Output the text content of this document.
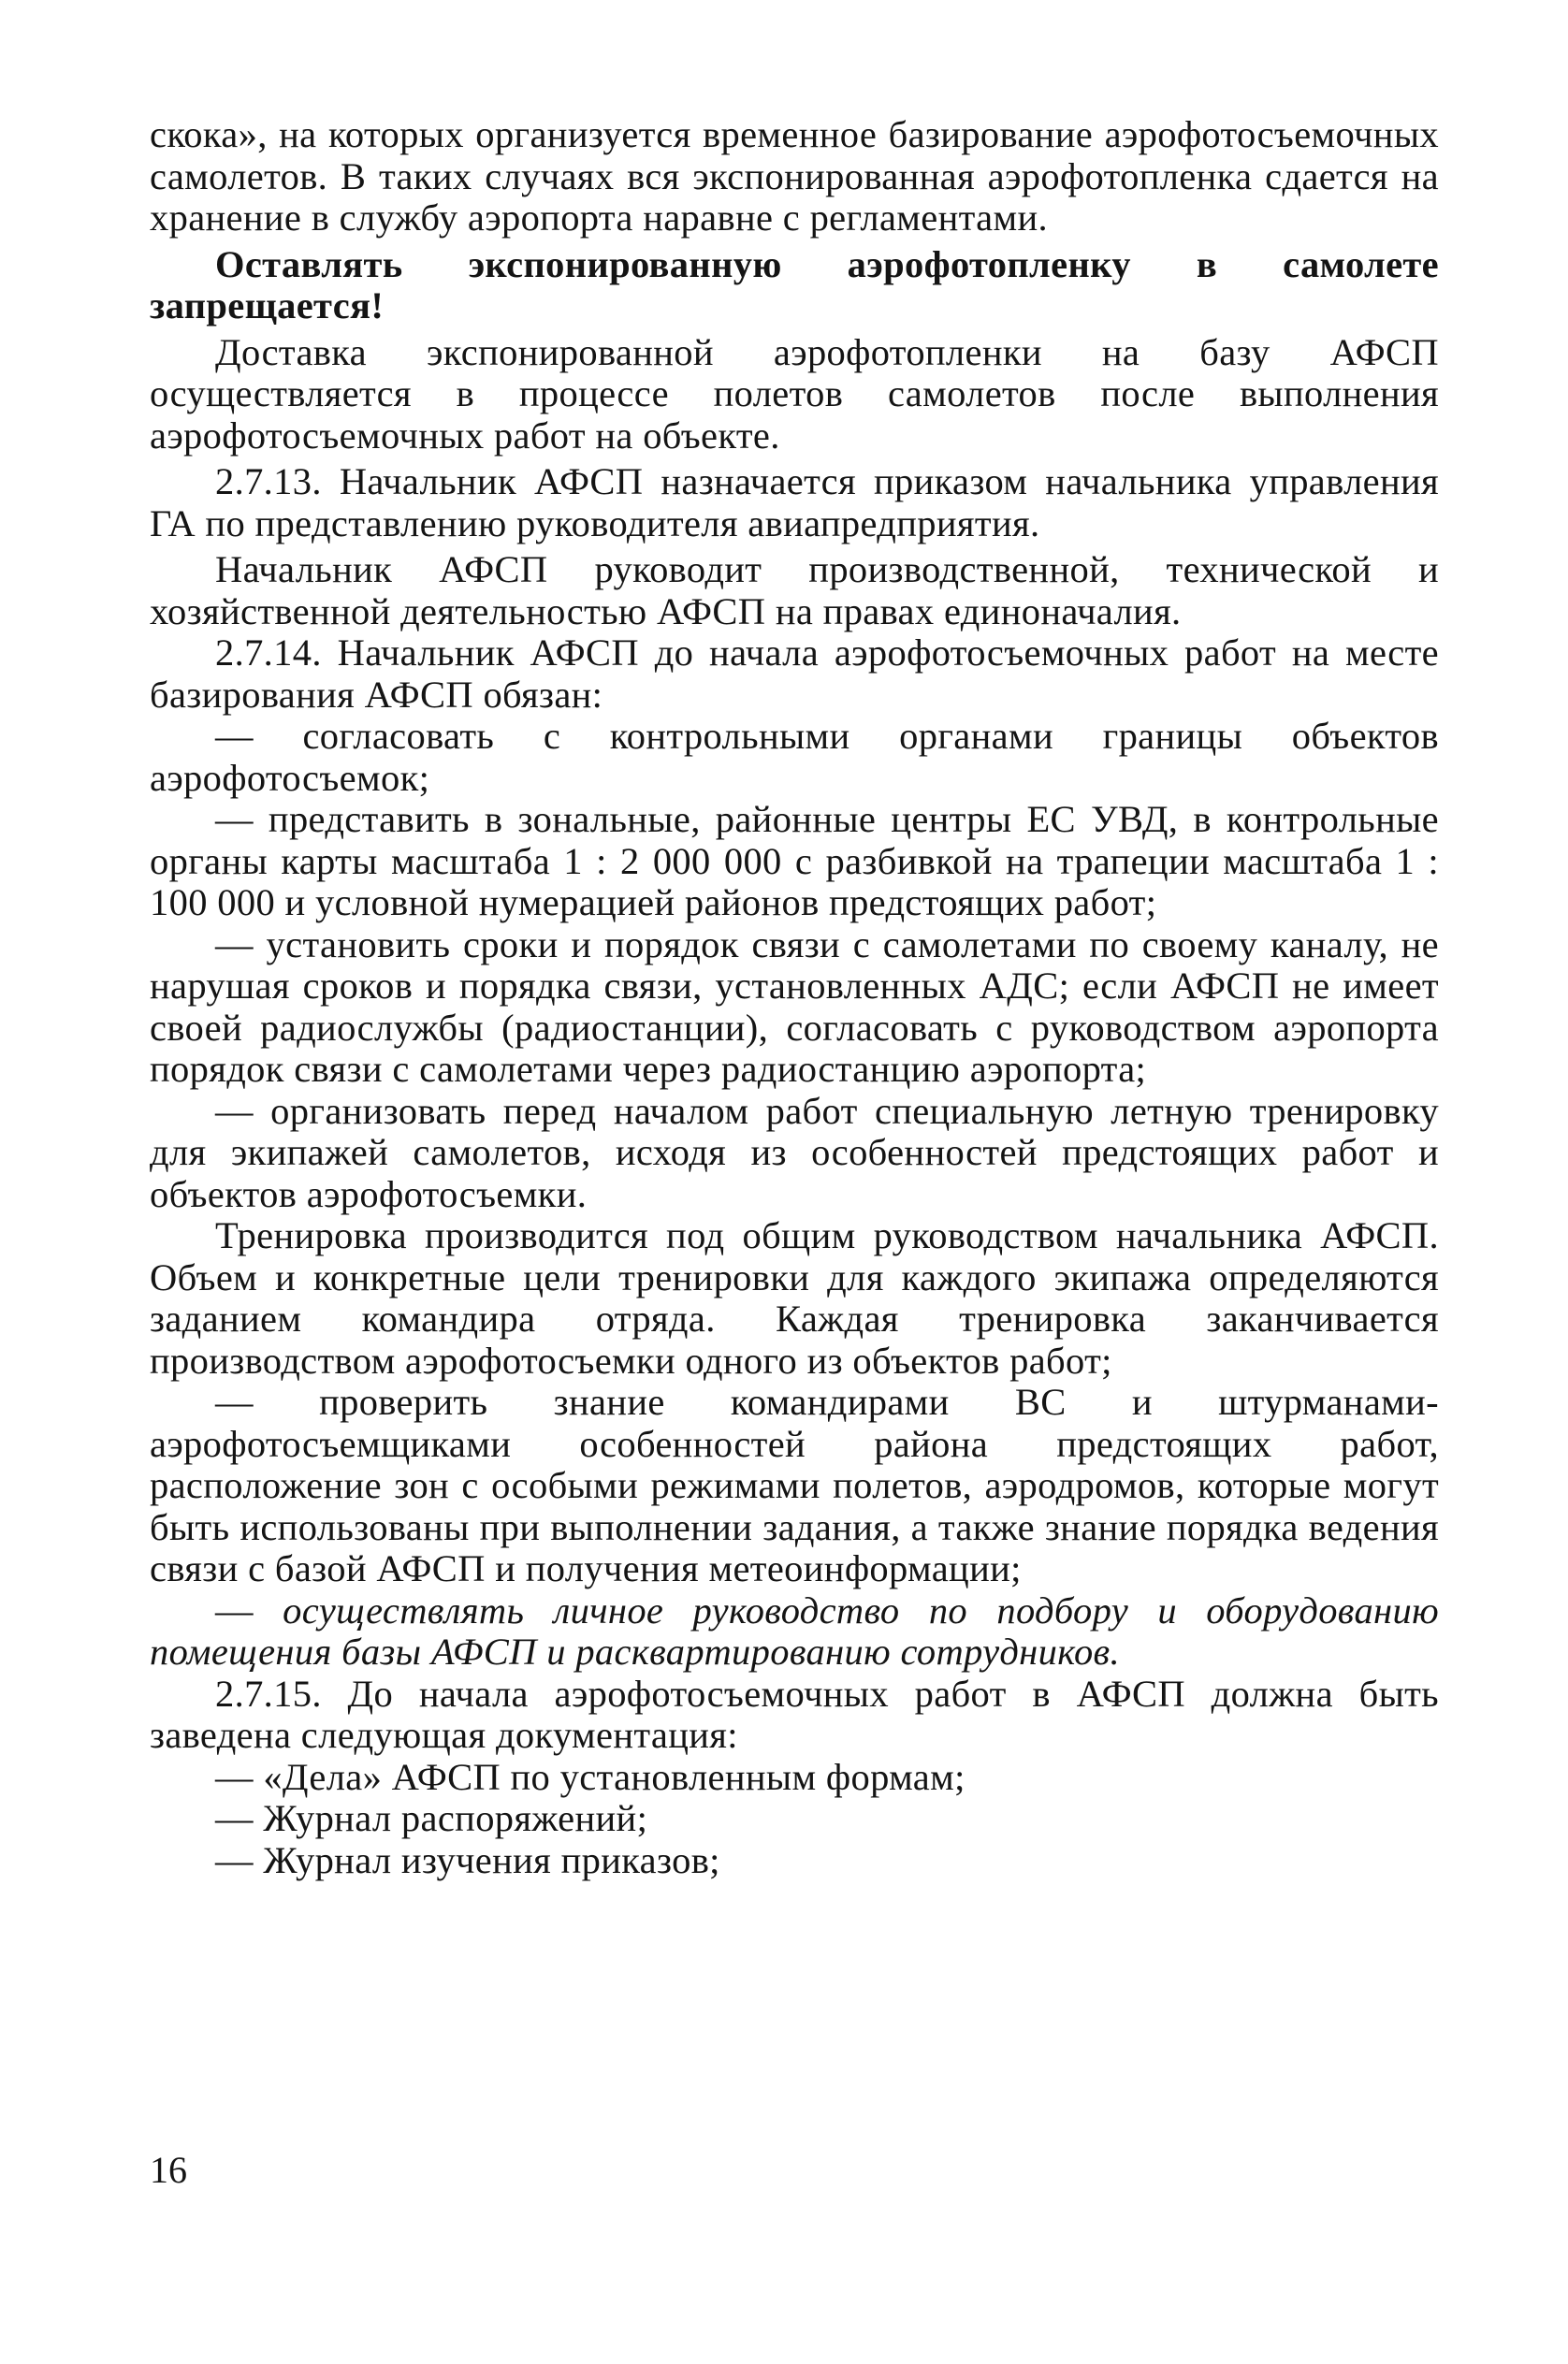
скока», на которых организуется временное базирование аэрофотосъемочных самолетов. В таких случаях вся экспонированная аэрофотопленка сдается на хранение в службу аэропорта наравне с регламентами.

Оставлять экспонированную аэрофотопленку в самолете запрещается!

Доставка экспонированной аэрофотопленки на базу АФСП осуществляется в процессе полетов самолетов после выполнения аэрофотосъемочных работ на объекте.

2.7.13. Начальник АФСП назначается приказом начальника управления ГА по представлению руководителя авиапредприятия.

Начальник АФСП руководит производственной, технической и хозяйственной деятельностью АФСП на правах единоначалия.

2.7.14. Начальник АФСП до начала аэрофотосъемочных работ на месте базирования АФСП обязан:

— согласовать с контрольными органами границы объектов аэрофотосъемок;

— представить в зональные, районные центры ЕС УВД, в контрольные органы карты масштаба 1 : 2 000 000 с разбивкой на трапеции масштаба 1 : 100 000 и условной нумерацией районов предстоящих работ;

— установить сроки и порядок связи с самолетами по своему каналу, не нарушая сроков и порядка связи, установленных АДС; если АФСП не имеет своей радиослужбы (радиостанции), согласовать с руководством аэропорта порядок связи с самолетами через радиостанцию аэропорта;

— организовать перед началом работ специальную летную тренировку для экипажей самолетов, исходя из особенностей предстоящих работ и объектов аэрофотосъемки.

Тренировка производится под общим руководством начальника АФСП. Объем и конкретные цели тренировки для каждого экипажа определяются заданием командира отряда. Каждая тренировка заканчивается производством аэрофотосъемки одного из объектов работ;

— проверить знание командирами ВС и штурманами-аэрофотосъемщиками особенностей района предстоящих работ, расположение зон с особыми режимами полетов, аэродромов, которые могут быть использованы при выполнении задания, а также знание порядка ведения связи с базой АФСП и получения метеоинформации;

— осуществлять личное руководство по подбору и оборудованию помещения базы АФСП и расквартированию сотрудников.

2.7.15. До начала аэрофотосъемочных работ в АФСП должна быть заведена следующая документация:

— «Дела» АФСП по установленным формам;

— Журнал распоряжений;

— Журнал изучения приказов;

16
